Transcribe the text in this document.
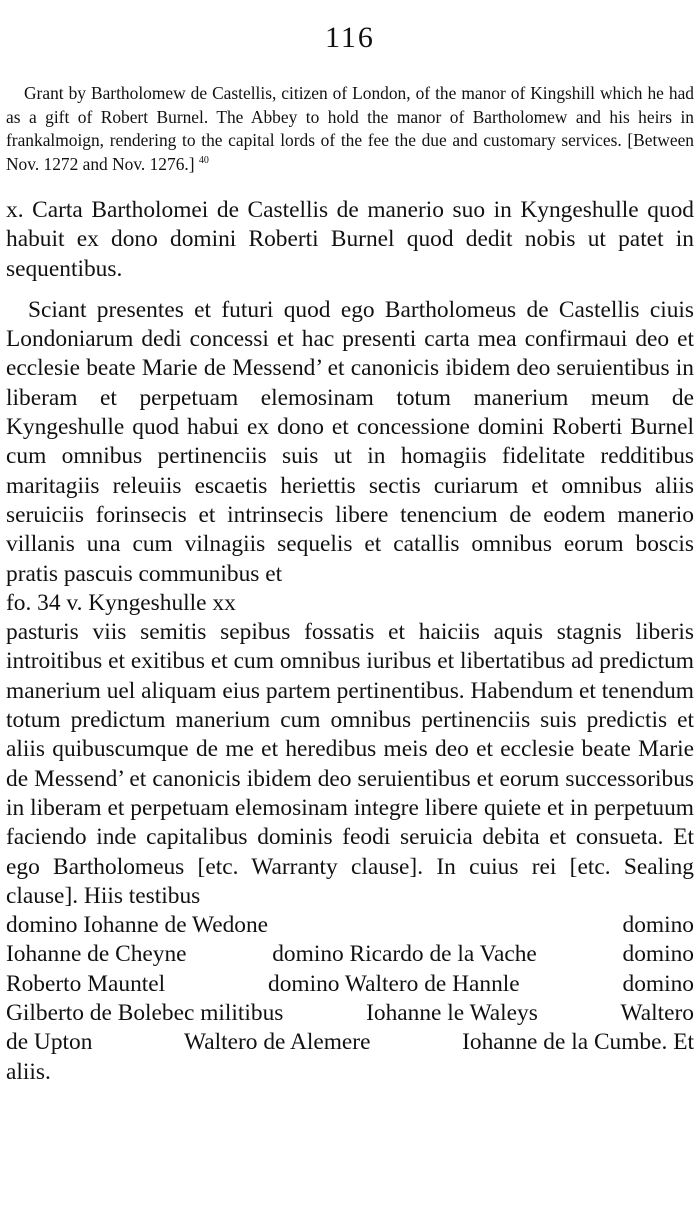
116
Grant by Bartholomew de Castellis, citizen of London, of the manor of Kingshill which he had as a gift of Robert Burnel. The Abbey to hold the manor of Bartholomew and his heirs in frankalmoign, rendering to the capital lords of the fee the due and customary services. [Between Nov. 1272 and Nov. 1276.] $^{40}$
x. Carta Bartholomei de Castellis de manerio suo in Kyngeshulle quod habuit ex dono domini Roberti Burnel quod dedit nobis ut patet in sequentibus.

Sciant presentes et futuri quod ego Bartholomeus de Castellis ciuis Londoniarum dedi concessi et hac presenti carta mea confirmaui deo et ecclesie beate Marie de Messend’ et canonicis ibidem deo seruientibus in liberam et perpetuam elemosinam totum manerium meum de Kyngeshulle quod habui ex dono et concessione domini Roberti Burnel cum omnibus pertinenciis suis ut in homagiis fidelitate redditibus maritagiis releuiis escaetis heriettis sectis curiarum et omnibus aliis seruiciis forinsecis et intrinsecis libere tenencium de eodem manerio villanis una cum vilnagiis sequelis et catallis omnibus eorum boscis pratis pascuis communibus et

fo. 34 v. Kyngeshulle xx

pasturis viis semitis sepibus fossatis et haiciis aquis stagnis liberis introitibus et exitibus et cum omnibus iuribus et libertatibus ad predictum manerium uel aliquam eius partem pertinentibus. Habendum et tenendum totum predictum manerium cum omnibus pertinenciis suis predictis et aliis quibuscumque de me et heredibus meis deo et ecclesie beate Marie de Messend’ et canonicis ibidem deo seruientibus et eorum successoribus in liberam et perpetuam elemosinam integre libere quiete et in perpetuum faciendo inde capitalibus dominis feodi seruicia debita et consueta. Et ego Bartholomeus [etc. Warranty clause]. In cuius rei [etc. Sealing clause]. Hiis testibus

domino Iohanne de Wedone	domino
Iohanne de Cheyne	domino Ricardo de la Vache	domino
Roberto Mauntel	domino Waltero de Hannle	domino
Gilberto de Bolebec militibus	Iohanne le Waleys	Waltero
de Upton	Waltero de Alemere	Iohanne de la Cumbe. Et
aliis.
